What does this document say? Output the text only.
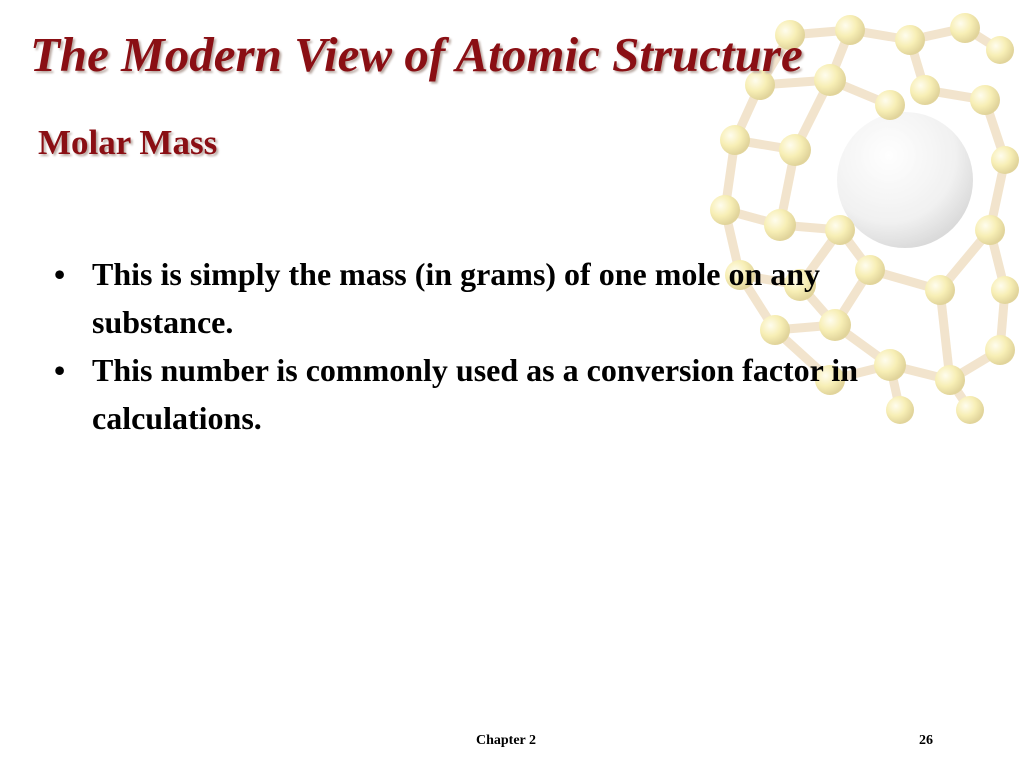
The Modern View of Atomic Structure
Molar Mass
• This is simply the mass (in grams) of one mole on any substance.
• This number is commonly used as a conversion factor in calculations.
Chapter 2	26
